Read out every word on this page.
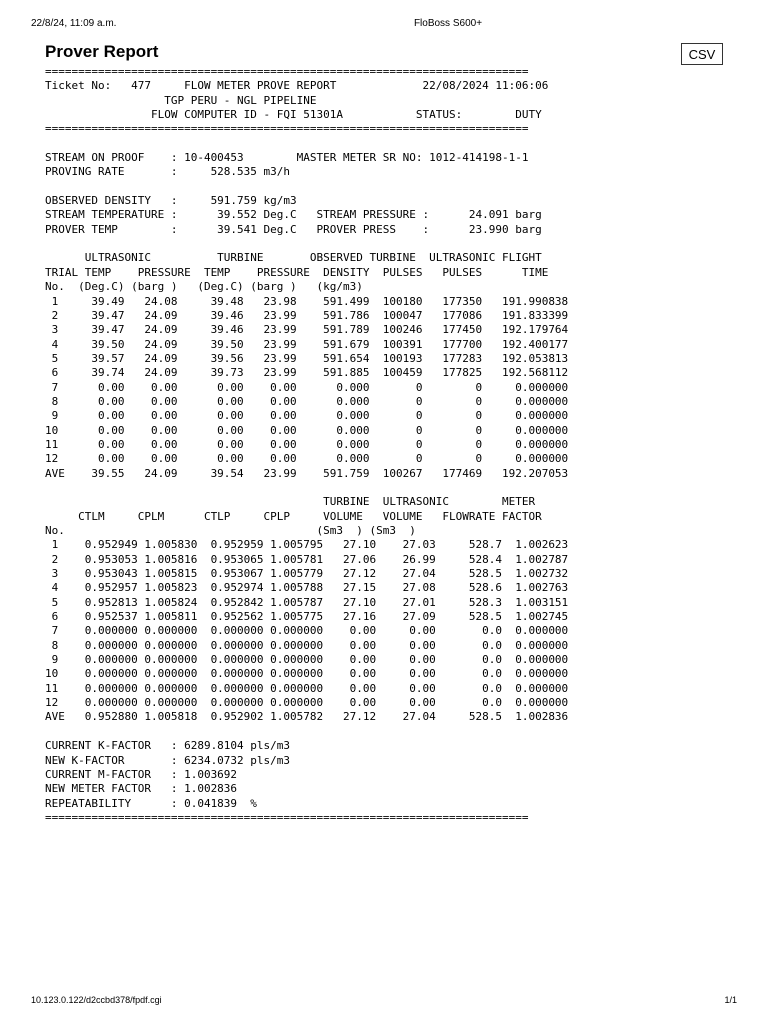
22/8/24, 11:09 a.m.	FloBoss S600+
Prover Report	CSV
=========================================================================
Ticket No:   477     FLOW METER PROVE REPORT             22/08/2024 11:06:06
TGP PERU - NGL PIPELINE
FLOW COMPUTER ID - FQI 51301A           STATUS:        DUTY
=========================================================================
STREAM ON PROOF    : 10-400453        MASTER METER SR NO: 1012-414198-1-1
PROVING RATE       :     528.535 m3/h
OBSERVED DENSITY   :     591.759 kg/m3
STREAM TEMPERATURE :      39.552 Deg.C   STREAM PRESSURE :      24.091 barg
PROVER TEMP        :      39.541 Deg.C   PROVER PRESS    :      23.990 barg
ULTRASONIC          TURBINE       OBSERVED TURBINE  ULTRASONIC FLIGHT
TRIAL TEMP    PRESSURE  TEMP    PRESSURE  DENSITY  PULSES   PULSES      TIME
No.  (Deg.C) (barg )   (Deg.C) (barg )   (kg/m3)
1     39.49   24.08     39.48   23.98    591.499  100180   177350   191.990838
2     39.47   24.09     39.46   23.99    591.786  100047   177086   191.833399
3     39.47   24.09     39.46   23.99    591.789  100246   177450   192.179764
4     39.50   24.09     39.50   23.99    591.679  100391   177700   192.400177
5     39.57   24.09     39.56   23.99    591.654  100193   177283   192.053813
6     39.74   24.09     39.73   23.99    591.885  100459   177825   192.568112
7      0.00    0.00      0.00    0.00      0.000       0        0     0.000000
8      0.00    0.00      0.00    0.00      0.000       0        0     0.000000
9      0.00    0.00      0.00    0.00      0.000       0        0     0.000000
10      0.00    0.00      0.00    0.00      0.000       0        0     0.000000
11      0.00    0.00      0.00    0.00      0.000       0        0     0.000000
12      0.00    0.00      0.00    0.00      0.000       0        0     0.000000
AVE    39.55   24.09     39.54   23.99    591.759  100267   177469   192.207053
TURBINE  ULTRASONIC        METER
CTLM     CPLM      CTLP     CPLP     VOLUME   VOLUME   FLOWRATE FACTOR
No.                                      (Sm3  ) (Sm3  )
1    0.952949 1.005830  0.952959 1.005795   27.10    27.03     528.7  1.002623
2    0.953053 1.005816  0.953065 1.005781   27.06    26.99     528.4  1.002787
3    0.953043 1.005815  0.953067 1.005779   27.12    27.04     528.5  1.002732
4    0.952957 1.005823  0.952974 1.005788   27.15    27.08     528.6  1.002763
5    0.952813 1.005824  0.952842 1.005787   27.10    27.01     528.3  1.003151
6    0.952537 1.005811  0.952562 1.005775   27.16    27.09     528.5  1.002745
7    0.000000 0.000000  0.000000 0.000000    0.00     0.00       0.0  0.000000
8    0.000000 0.000000  0.000000 0.000000    0.00     0.00       0.0  0.000000
9    0.000000 0.000000  0.000000 0.000000    0.00     0.00       0.0  0.000000
10    0.000000 0.000000  0.000000 0.000000    0.00     0.00       0.0  0.000000
11    0.000000 0.000000  0.000000 0.000000    0.00     0.00       0.0  0.000000
12    0.000000 0.000000  0.000000 0.000000    0.00     0.00       0.0  0.000000
AVE   0.952880 1.005818  0.952902 1.005782   27.12    27.04     528.5  1.002836
CURRENT K-FACTOR   : 6289.8104 pls/m3
NEW K-FACTOR       : 6234.0732 pls/m3
CURRENT M-FACTOR   : 1.003692
NEW METER FACTOR   : 1.002836
REPEATABILITY      : 0.041839  %
=========================================================================
10.123.0.122/d2ccbd378/fpdf.cgi	1/1
